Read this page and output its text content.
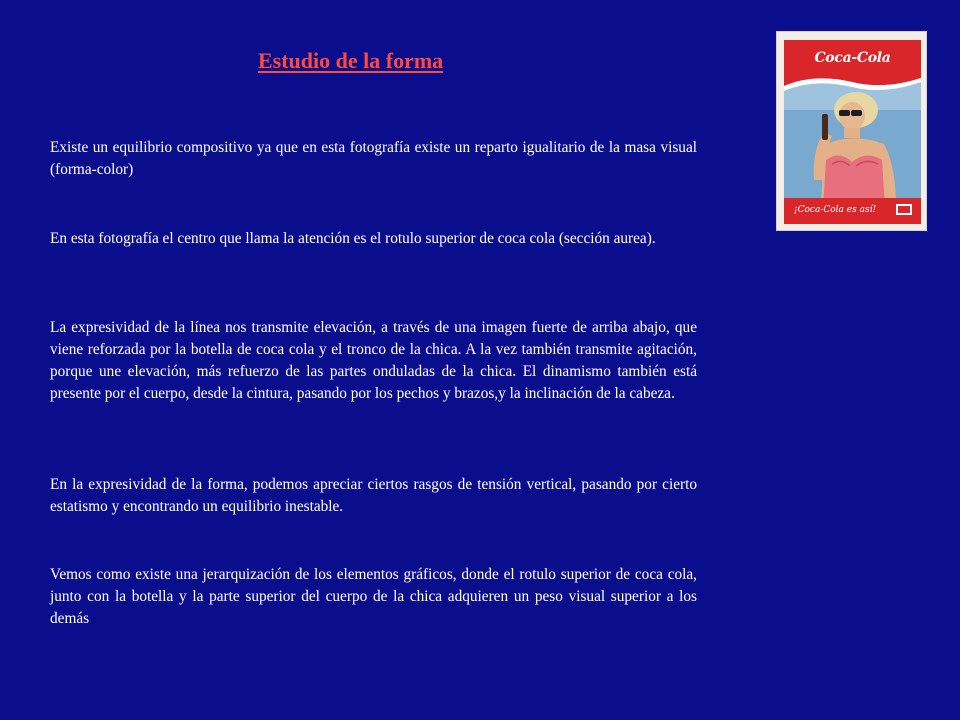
Estudio de la forma

Existe un equilibrio compositivo ya que en esta fotografía existe un reparto igualitario de la masa visual (forma-color)

En esta fotografía el centro que llama la atención es el rotulo superior de coca cola (sección aurea).

La expresividad de la línea nos transmite elevación, a través de una imagen fuerte de arriba abajo, que viene reforzada por la botella de coca cola y el tronco de la chica. A la vez también transmite agitación, porque une elevación, más refuerzo de las partes onduladas de la chica. El dinamismo también está presente por el cuerpo, desde la cintura, pasando por los pechos y brazos,y la inclinación de la cabeza.

En la expresividad de la forma, podemos apreciar ciertos rasgos de tensión vertical, pasando por cierto estatismo y encontrando un equilibrio inestable.

Vemos como existe una jerarquización de los elementos gráficos, donde el rotulo superior de coca cola, junto con la botella y la parte superior del cuerpo de la chica adquieren un peso visual superior a los demás

Coca-Cola
¡Coca-Cola es así!
